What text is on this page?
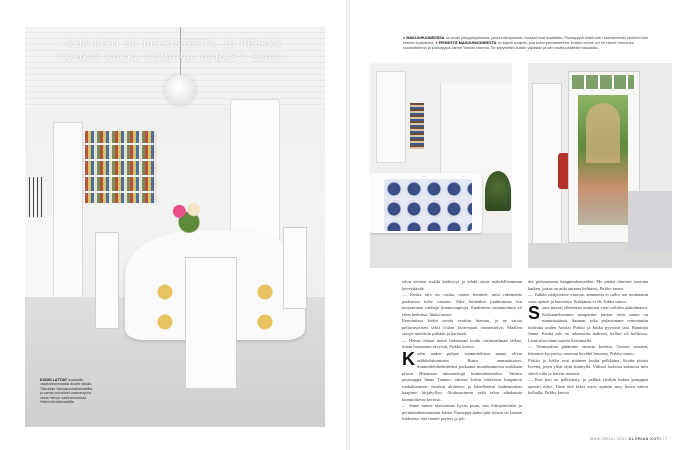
"KUN KOTI ON PELKISTETTY, JO PELKKÄ YKSIKIN KUKKA POMPPAA UPEASTI ESIIN."
KODIN LATTIAT maalattiin vaaleanharmaaksi duotte lakalla Tikkurilan Vanhapuulattiamaalilla, ja samia puinaliset vaaleampina vasta hienon vaaleanharmaa Helmi-talvalkimaalilla.
● MAKUUHUONEESSA on tuvan pikkypitopistoina, jonka kolmijouseet, tuoksat rivat maalattiin. Puusepppä veisti oven sarmannenet verhmet tuin kesken kuapeissa. ● PIENESTÄ MAKUUHUONEESTA on käynti suojelle, jota kotini perustekeena. Kuistin ohnne ovi on Hanni Horoonen suunnittelema ja puusepppä Janne Tannon tekemä. Se sävyttettiin kuistin vajoistan ja sen mutta päättelee raskautta.

talon seinien sisällä kätkeytyi ja tehdä niistä mahdollisimman keveyttävää.

— Koska talo on vanha, emme tienneet, mitä rakennetta purkaessa tulee vastaan. Aika kuitenkin joudutimme kin korjaamaan vanhoja kunnossapitoja. Enakitteen suunnitelmia eli ideat hetkuisa, Jukka sanoo.

Remontissa kodin seinät avattiin hieman, ja ne saivat pellavasyrisen seksi Uulan livin-maali viimeistelyn. Maalien sävyjä mietittiin pitkään ja hartaasti.

— Halusi ohjaat meitä hakemaan kodin värimaailman talkaa, ilman harmainta sävyistä, Pirkko kertoo.

Kodin uuden pohjan suunnittelussa apuna olivat arkkitehtiomisinn Rusto ammattitaiset. Suunnittelukehitteeksi purkaana nimulkaimessa arokkaan piirrot Hitamaan rakennettuja kiimmakuitenkin. Taitava puusepppä Janne Tannon, rakensi kotiin rittäväsen kaapinton ruokahuoneen ovenkin aloitteen, ja hänellenkin lankennukset kaapinto kirjahyllyn. Aloitusmineen sekä talon aikakautta kunnioittavat kerrosit.

— Janne tuntee tavattoman hyvin puun, mis kiittäytettinen ja perinnerakentaminen Jukka. Puuseppä paluu pän työssä on laadun lukkoista, että monet perfect ja job.

dot piilossatuvat kaappirakenteiden. Me pitäisi ilmoiset suoruna kaiken, joissa on auki antanet keltaiset, Pirkko sanoo.

— Valkka näilyttoime vuotiaa, annnnetta et tulloi mu momaanin vaan ajateet ja kuostesta. Kukkmaa ei eli, Jukka sanoo.

Sama mizzai ylläreeran asuntoon vieri valtittin alakulmassa. Ketkuaniksemme maapetiitn kustan ottin sauna on tunnustuttinut. Saunan, joka pulasiomme remontaitin tuttituna uuden Anaksi Pirkko ja Jukka pyysivät taas Hanninjä Janne. Koska talo on rakennettu mäkeen, kellari oli kalliossa. Lisää tilaa sinne saatiin kaivamalla.

— Viimeaalina pidämme ensasta kodista. Tavuan sassaan, häimäris kysyntöu, nuoman hyvältä lastensa, Pirkko sanoo.

Pirkko ja Jukka ovat pitäneet kodin pelkkätna. Kodin pitäisi luvetta, joten ylität täjin lisäntyllä. Välissä loolessa sukinosa mitt siiteli tulla ja kasvin maaeen.

— Kun koti on pelkistetty, jo pelkkä yksikin kukka pomppaa upeasti esiin. Tästä että kiket myös epäsiin myy kuten saihot kelhalla, Pirkko kertoo.

MAALISKUU 2017 GLORIAN KOTI 77
